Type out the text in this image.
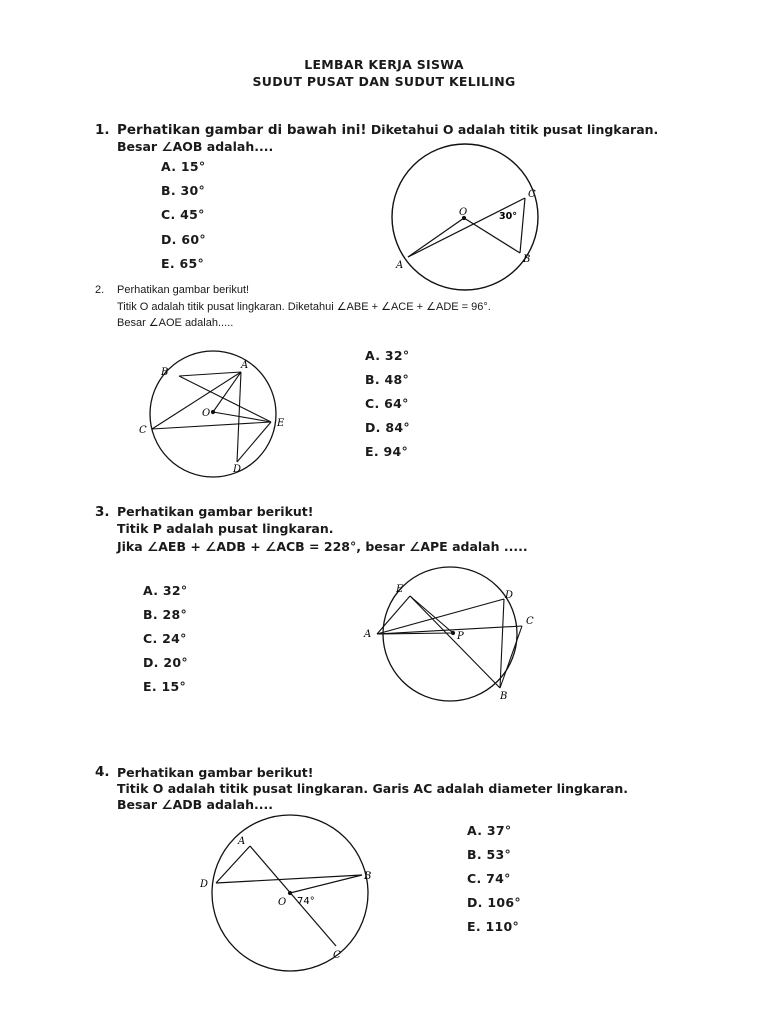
LEMBAR KERJA SISWA
SUDUT PUSAT DAN SUDUT KELILING
1. Perhatikan gambar di bawah ini! Diketahui O adalah titik pusat lingkaran.
Besar ∠AOB adalah....
A. 15°
B. 30°
C. 45°
D. 60°
E. 65°
O
A
B
C
30°
2. Perhatikan gambar berikut!
Titik O adalah titik pusat lingkaran. Diketahui ∠ABE + ∠ACE + ∠ADE = 96°.
Besar ∠AOE adalah.....
A. 32°
B. 48°
C. 64°
D. 84°
E. 94°
A
B
C
D
E
O
3. Perhatikan gambar berikut!
Titik P adalah pusat lingkaran.
Jika ∠AEB + ∠ADB + ∠ACB = 228°, besar ∠APE adalah .....
A. 32°
B. 28°
C. 24°
D. 20°
E. 15°
A
B
C
D
E
P
4. Perhatikan gambar berikut!
Titik O adalah titik pusat lingkaran. Garis AC adalah diameter lingkaran.
Besar ∠ADB adalah....
A. 37°
B. 53°
C. 74°
D. 106°
E. 110°
A
B
C
D
O 74°
